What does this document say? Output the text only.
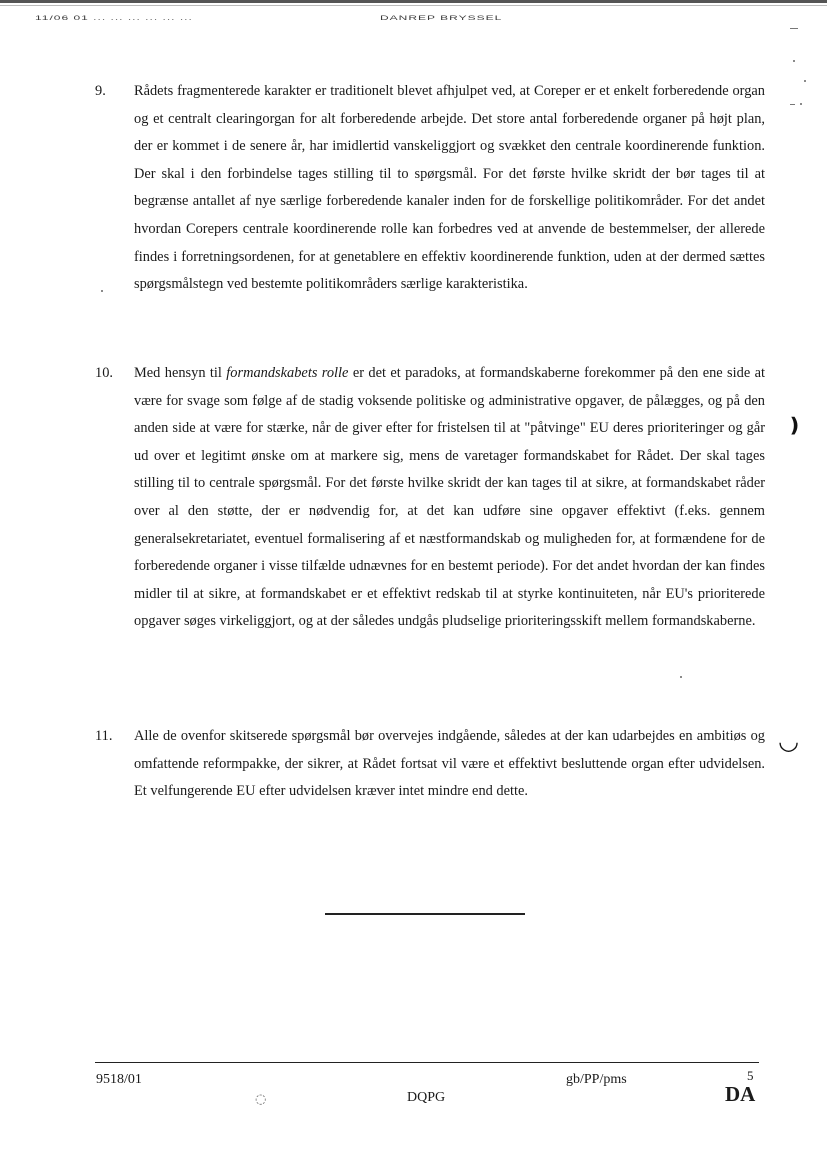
11/06 01 ... ... ... ... ... ...	DANREP BRYSSEL
9. Rådets fragmenterede karakter er traditionelt blevet afhjulpet ved, at Coreper er et enkelt forberedende organ og et centralt clearingorgan for alt forberedende arbejde. Det store antal forberedende organer på højt plan, der er kommet i de senere år, har imidlertid vanskeliggjort og svækket den centrale koordinerende funktion. Der skal i den forbindelse tages stilling til to spørgsmål. For det første hvilke skridt der bør tages til at begrænse antallet af nye særlige forberedende kanaler inden for de forskellige politikområder. For det andet hvordan Corepers centrale koordinerende rolle kan forbedres ved at anvende de bestemmelser, der allerede findes i forretningsordenen, for at genetablere en effektiv koordinerende funktion, uden at der dermed sættes spørgsmålstegn ved bestemte politikområders særlige karakteristika.
10. Med hensyn til formandskabets rolle er det et paradoks, at formandskaberne forekommer på den ene side at være for svage som følge af de stadig voksende politiske og administrative opgaver, de pålægges, og på den anden side at være for stærke, når de giver efter for fristelsen til at "påtvinge" EU deres prioriteringer og går ud over et legitimt ønske om at markere sig, mens de varetager formandskabet for Rådet. Der skal tages stilling til to centrale spørgsmål. For det første hvilke skridt der kan tages til at sikre, at formandskabet råder over al den støtte, der er nødvendig for, at det kan udføre sine opgaver effektivt (f.eks. gennem generalsekretariatet, eventuel formalisering af et næstformandskab og muligheden for, at formændene for de forberedende organer i visse tilfælde udnævnes for en bestemt periode). For det andet hvordan der kan findes midler til at sikre, at formandskabet er et effektivt redskab til at styrke kontinuiteten, når EU's prioriterede opgaver søges virkeliggjort, og at der således undgås pludselige prioriteringsskift mellem formandskaberne.
11. Alle de ovenfor skitserede spørgsmål bør overvejes indgående, således at der kan udarbejdes en ambitiøs og omfattende reformpakke, der sikrer, at Rådet fortsat vil være et effektivt besluttende organ efter udvidelsen. Et velfungerende EU efter udvidelsen kræver intet mindre end dette.
9518/01
DQPG
gb/PP/pms	5
DA
❫
◡
◌
